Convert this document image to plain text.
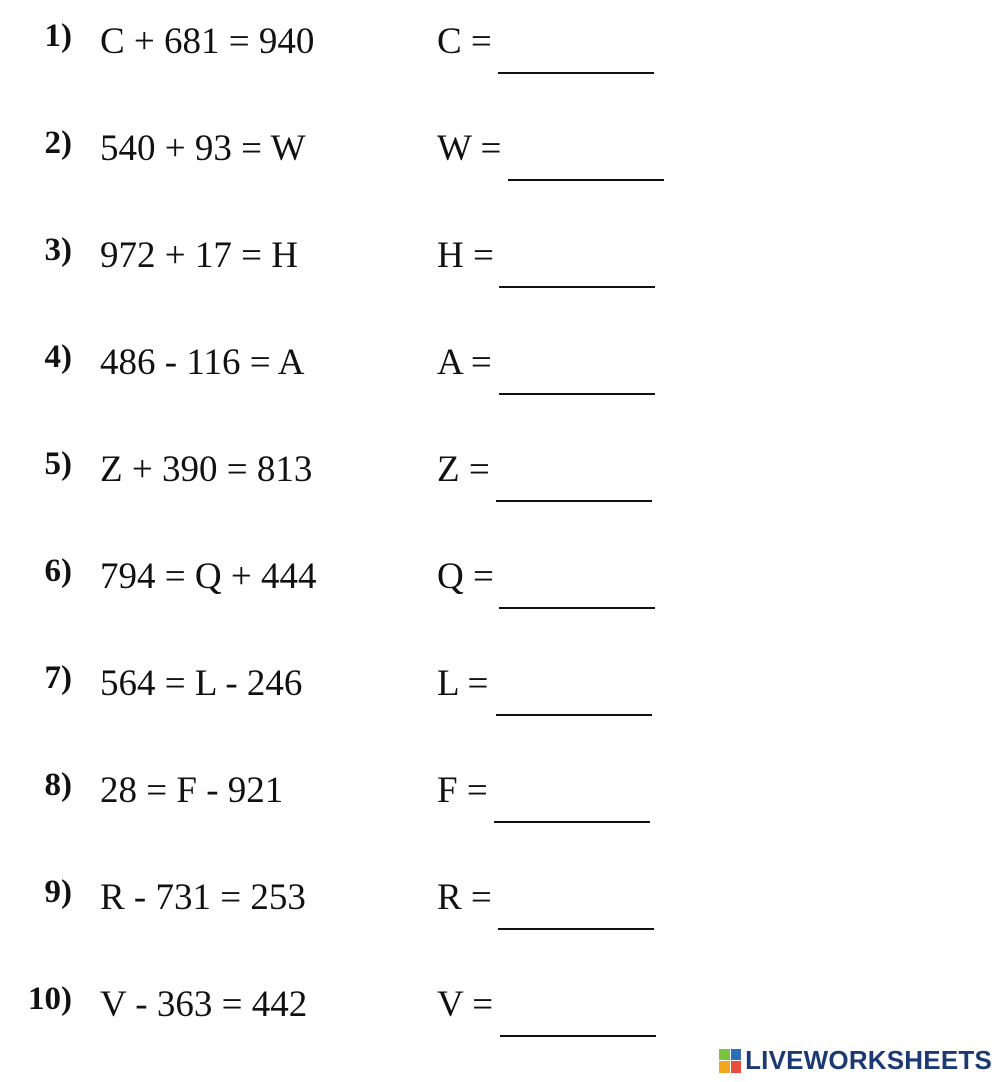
1) C + 681 = 940	C =
2) 540 + 93 = W	W =
3) 972 + 17 = H	H =
4) 486 - 116 = A	A =
5) Z + 390 = 813	Z =
6) 794 = Q + 444	Q =
7) 564 = L - 246	L =
8) 28 = F - 921	F =
9) R - 731 = 253	R =
10) V - 363 = 442	V =
LIVEWORKSHEETS
